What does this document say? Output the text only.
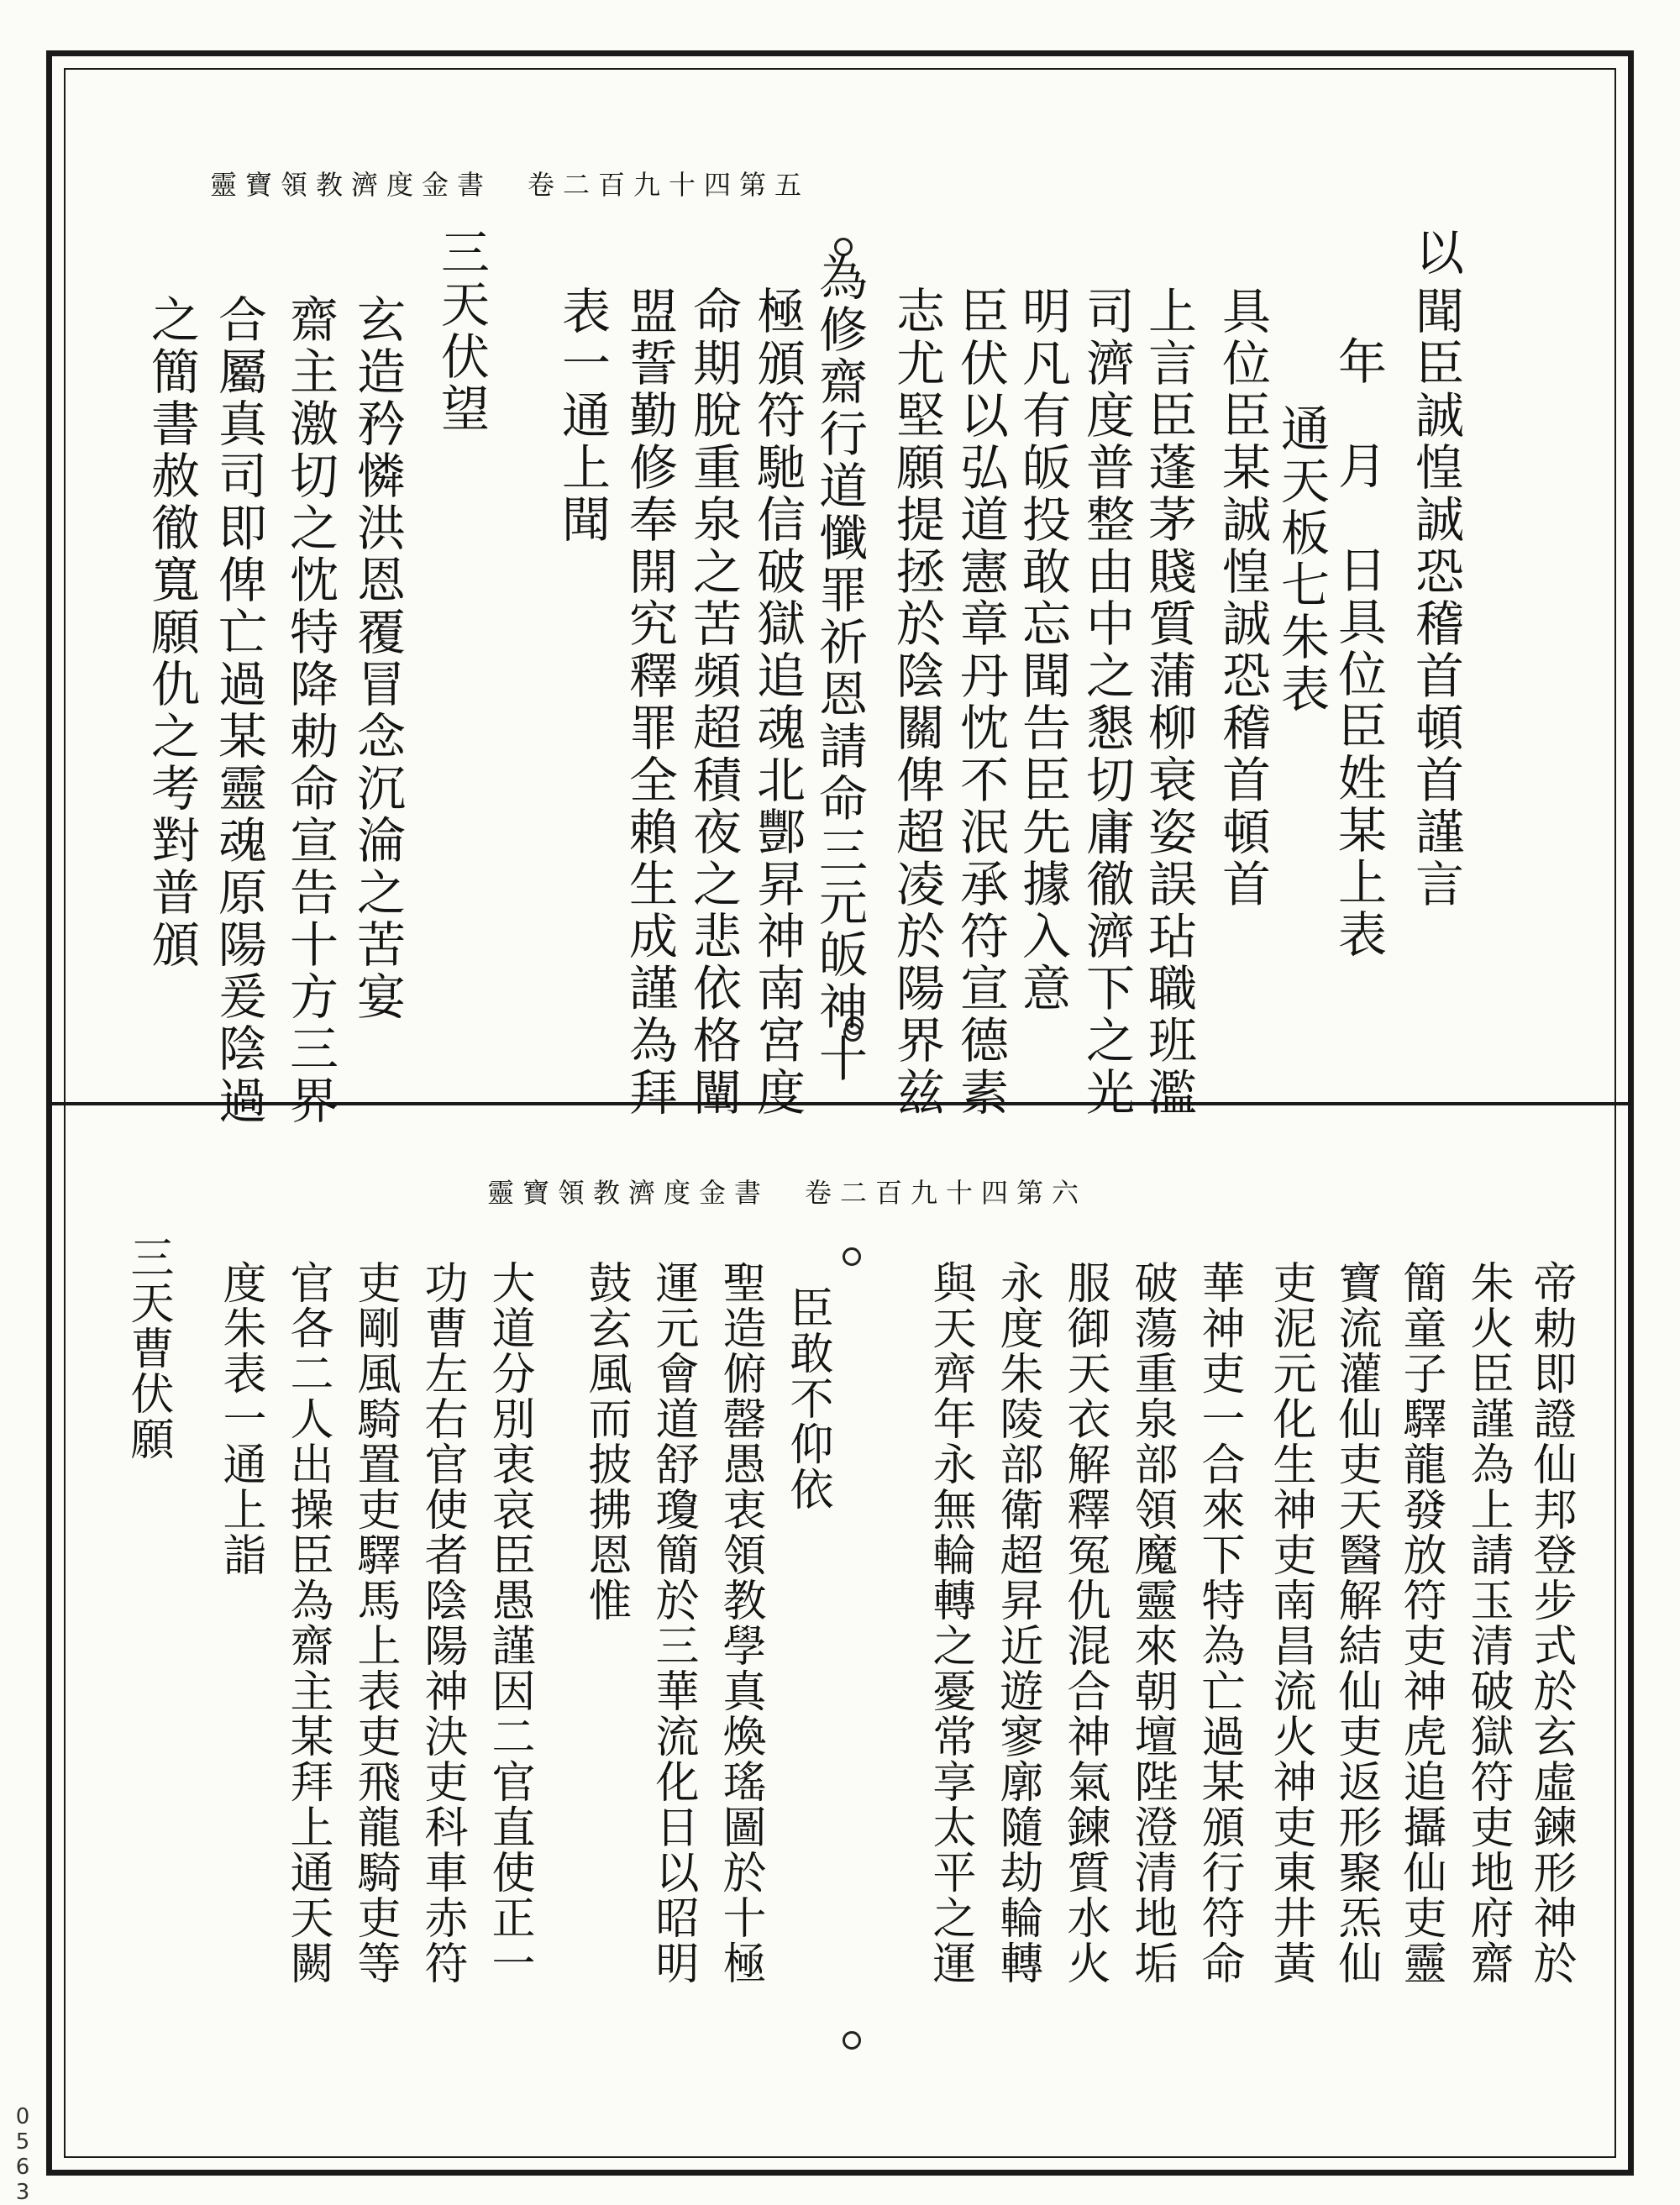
靈寶領教濟度金書　卷二百九十四第五
以
聞臣誠惶誠恐稽首頓首謹言
年　月　日具位臣姓某上表
通天板七朱表
具位臣某誠惶誠恐稽首頓首
上言臣蓬茅賤質蒲柳衰姿誤玷職班濫
司濟度普整由中之懇切庸徹濟下之光
明凡有皈投敢忘聞告臣先據入意
臣伏以弘道憲章丹忱不泯承符宣德素
志尤堅願提拯於陰關俾超凌於陽界兹
為修齋行道懺罪祈恩請命三元皈神十
極頒符馳信破獄追魂北酆昇神南宮度
命期脫重泉之苦頻超積夜之悲依格闡
盟誓勤修奉開究釋罪全賴生成謹為拜
表一通上聞
三天伏望
玄造矜憐洪恩覆冒念沉淪之苦宴
齋主激切之忱特降勅命宣告十方三界
合屬真司即俾亡過某靈魂原陽爰陰過
之簡書赦徹寬願仇之考對普頒
靈寶領教濟度金書　卷二百九十四第六
帝勅即證仙邦登步式於玄虛鍊形神於
朱火臣謹為上請玉清破獄符吏地府齋
簡童子驛龍發放符吏神虎追攝仙吏靈
寶流灌仙吏天醫解結仙吏返形聚炁仙
吏泥元化生神吏南昌流火神吏東井黃
華神吏一合來下特為亡過某頒行符命
破蕩重泉部領魔靈來朝壇陛澄清地垢
服御天衣解釋冤仇混合神氣鍊質水火
永度朱陵部衛超昇近遊寥廓隨劫輪轉
與天齊年永無輪轉之憂常享太平之運
臣敢不仰依
聖造俯罄愚衷領教學真煥瑤圖於十極
運元會道舒瓊簡於三華流化日以昭明
鼓玄風而披拂恩惟
大道分別衷哀臣愚謹因二官直使正一
功曹左右官使者陰陽神決吏科車赤符
吏剛風騎置吏驛馬上表吏飛龍騎吏等
官各二人出操臣為齋主某拜上通天闕
度朱表一通上詣
三天曹伏願
0563
